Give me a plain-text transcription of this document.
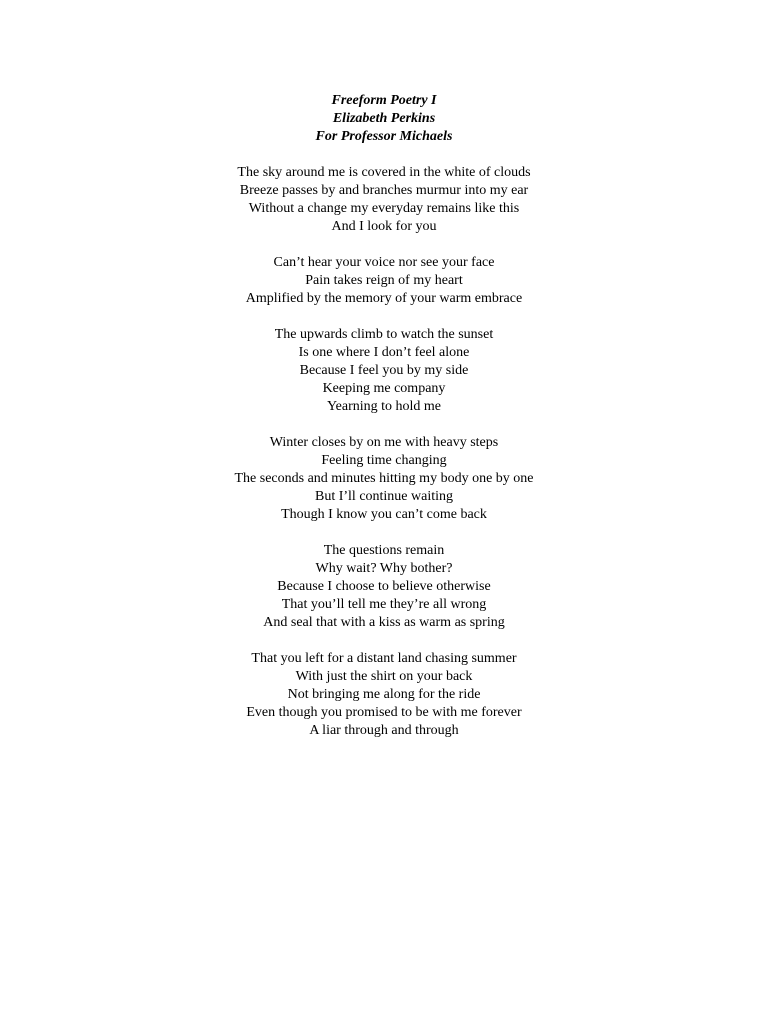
Freeform Poetry I
Elizabeth Perkins
For Professor Michaels
The sky around me is covered in the white of clouds
Breeze passes by and branches murmur into my ear
Without a change my everyday remains like this
And I look for you
Can’t hear your voice nor see your face
Pain takes reign of my heart
Amplified by the memory of your warm embrace
The upwards climb to watch the sunset
Is one where I don’t feel alone
Because I feel you by my side
Keeping me company
Yearning to hold me
Winter closes by on me with heavy steps
Feeling time changing
The seconds and minutes hitting my body one by one
But I’ll continue waiting
Though I know you can’t come back
The questions remain
Why wait? Why bother?
Because I choose to believe otherwise
That you’ll tell me they’re all wrong
And seal that with a kiss as warm as spring
That you left for a distant land chasing summer
With just the shirt on your back
Not bringing me along for the ride
Even though you promised to be with me forever
A liar through and through
